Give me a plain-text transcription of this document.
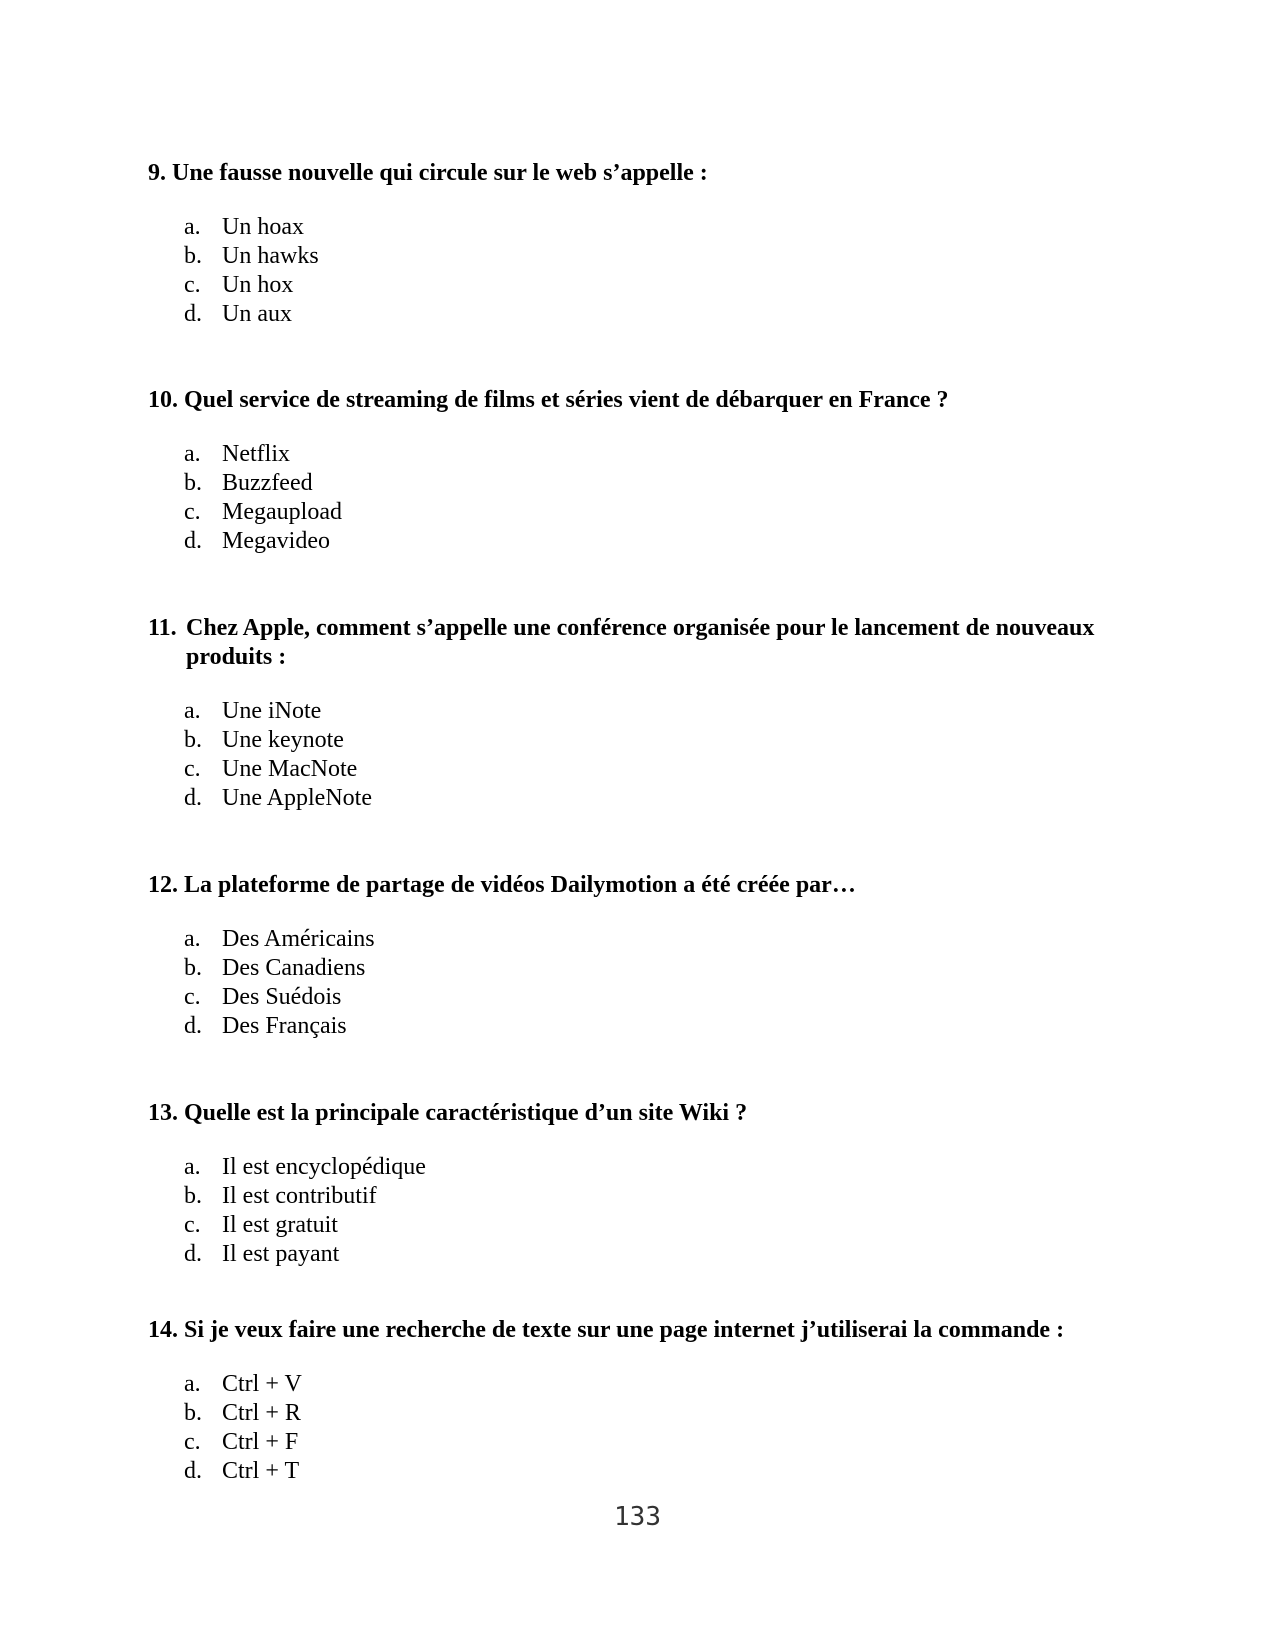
9. Une fausse nouvelle qui circule sur le web s’appelle :

a. Un hoax
b. Un hawks
c. Un hox
d. Un aux

10. Quel service de streaming de films et séries vient de débarquer en France ?

a. Netflix
b. Buzzfeed
c. Megaupload
d. Megavideo

11. Chez Apple, comment s’appelle une conférence organisée pour le lancement de nouveaux produits :

a. Une iNote
b. Une keynote
c. Une MacNote
d. Une AppleNote

12. La plateforme de partage de vidéos Dailymotion a été créée par…

a. Des Américains
b. Des Canadiens
c. Des Suédois
d. Des Français

13. Quelle est la principale caractéristique d’un site Wiki ?

a. Il est encyclopédique
b. Il est contributif
c. Il est gratuit
d. Il est payant

14. Si je veux faire une recherche de texte sur une page internet j’utiliserai la commande :

a. Ctrl + V
b. Ctrl + R
c. Ctrl + F
d. Ctrl + T
133
